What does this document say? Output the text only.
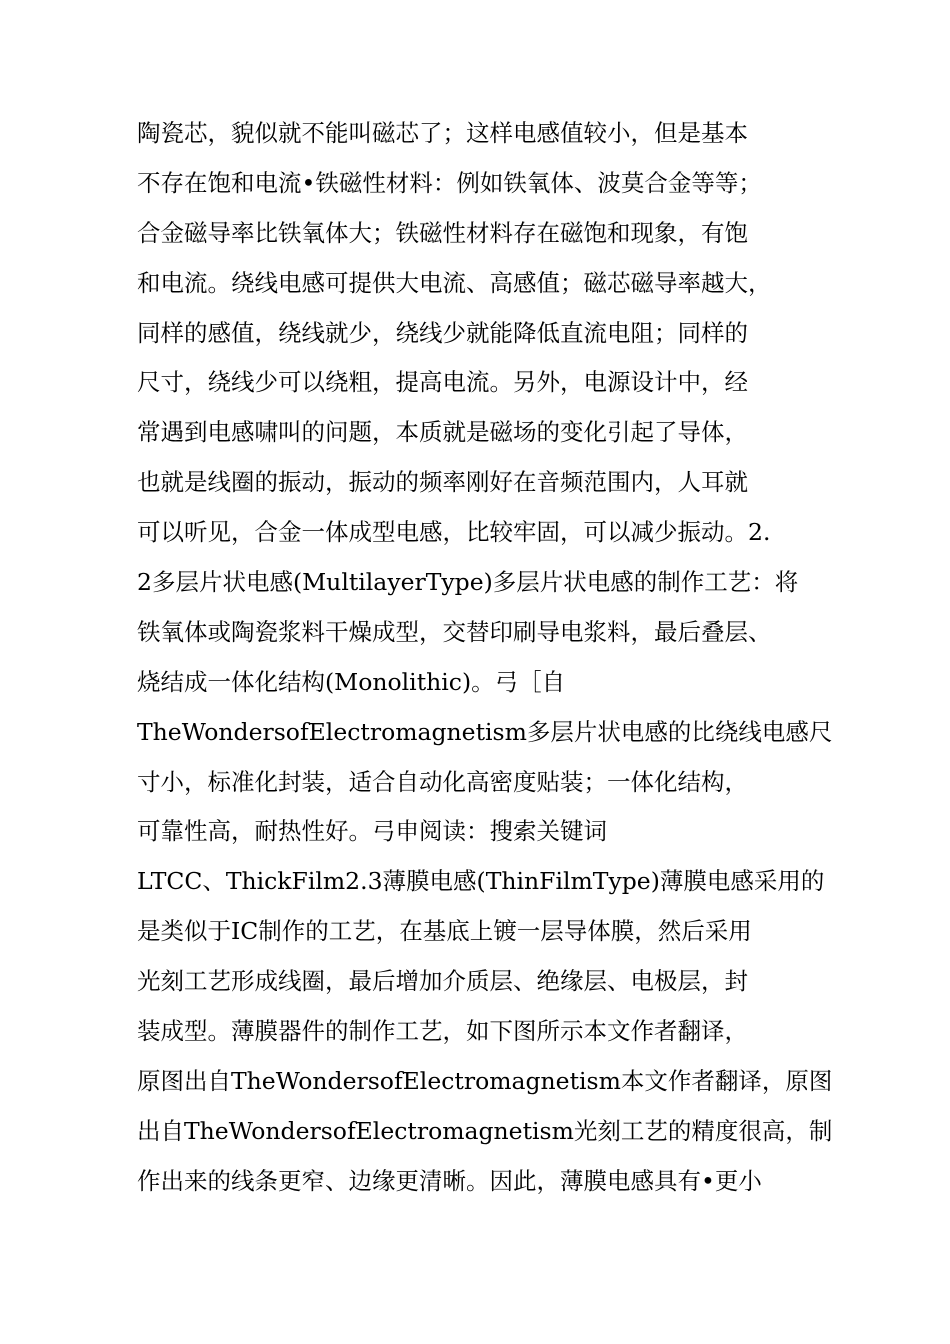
陶瓷芯，貌似就不能叫磁芯了；这样电感值较小，但是基本
不存在饱和电流•铁磁性材料：例如铁氧体、波莫合金等等；
合金磁导率比铁氧体大；铁磁性材料存在磁饱和现象，有饱
和电流。绕线电感可提供大电流、高感值；磁芯磁导率越大，
同样的感值，绕线就少，绕线少就能降低直流电阻；同样的
尺寸，绕线少可以绕粗，提高电流。另外，电源设计中，经
常遇到电感啸叫的问题，本质就是磁场的变化引起了导体，
也就是线圈的振动，振动的频率刚好在音频范围内，人耳就
可以听见，合金一体成型电感，比较牢固，可以减少振动。2.
2多层片状电感(MultilayerType)多层片状电感的制作工艺：将
铁氧体或陶瓷浆料干燥成型，交替印刷导电浆料，最后叠层、
烧结成一体化结构(Monolithic)。弓［自
TheWondersofElectromagnetism多层片状电感的比绕线电感尺
寸小，标准化封装，适合自动化高密度贴装；一体化结构，
可靠性高，耐热性好。弓申阅读：搜索关键词
LTCC、ThickFilm2.3薄膜电感(ThinFilmType)薄膜电感采用的
是类似于IC制作的工艺，在基底上镀一层导体膜，然后采用
光刻工艺形成线圈，最后增加介质层、绝缘层、电极层，封
装成型。薄膜器件的制作工艺，如下图所示本文作者翻译，
原图出自TheWondersofElectromagnetism本文作者翻译，原图
出自TheWondersofElectromagnetism光刻工艺的精度很高，制
作出来的线条更窄、边缘更清晰。因此，薄膜电感具有•更小
